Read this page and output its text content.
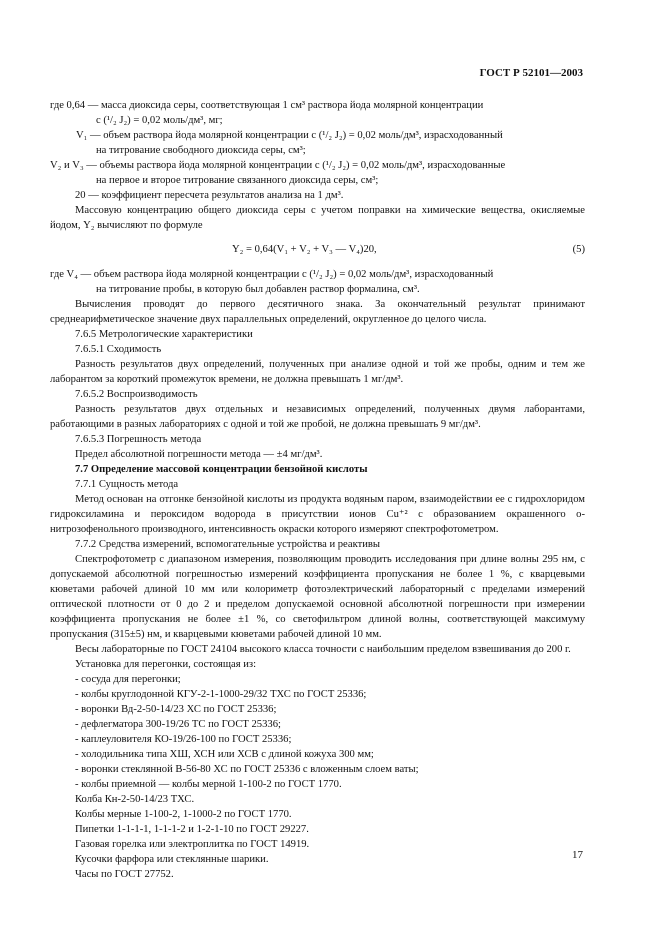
ГОСТ Р 52101—2003

где 0,64 — масса диоксида серы, соответствующая 1 см³ раствора йода молярной концентрации

c (¹/₂ J₂) = 0,02 моль/дм³, мг;

V₁ — объем раствора йода молярной концентрации c (¹/₂ J₂) = 0,02 моль/дм³, израсходованный

на титрование свободного диоксида серы, см³;

V₂ и V₃ — объемы раствора йода молярной концентрации c (¹/₂ J₂) = 0,02 моль/дм³, израсходованные

на первое и второе титрование связанного диоксида серы, см³;

20 — коэффициент пересчета результатов анализа на 1 дм³.

Массовую концентрацию общего диоксида серы с учетом поправки на химические вещества, окисляемые йодом, Y₂ вычисляют по формуле

Y₂ = 0,64(V₁ + V₂ + V₃ — V₄)20,	(5)

где V₄ — объем раствора йода молярной концентрации c (¹/₂ J₂) = 0,02 моль/дм³, израсходованный

на титрование пробы, в которую был добавлен раствор формалина, см³.

Вычисления проводят до первого десятичного знака. За окончательный результат принимают среднеарифметическое значение двух параллельных определений, округленное до целого числа.

7.6.5 Метрологические характеристики

7.6.5.1 Сходимость

Разность результатов двух определений, полученных при анализе одной и той же пробы, одним и тем же лаборантом за короткий промежуток времени, не должна превышать 1 мг/дм³.

7.6.5.2 Воспроизводимость

Разность результатов двух отдельных и независимых определений, полученных двумя лаборантами, работающими в разных лабораториях с одной и той же пробой, не должна превышать 9 мг/дм³.

7.6.5.3 Погрешность метода

Предел абсолютной погрешности метода — ±4 мг/дм³.

7.7 Определение массовой концентрации бензойной кислоты

7.7.1 Сущность метода

Метод основан на отгонке бензойной кислоты из продукта водяным паром, взаимодействии ее с гидрохлоридом гидроксиламина и пероксидом водорода в присутствии ионов Cu⁺² с образованием окрашенного o-нитрозофенольного производного, интенсивность окраски которого измеряют спектрофотометром.

7.7.2 Средства измерений, вспомогательные устройства и реактивы

Спектрофотометр с диапазоном измерения, позволяющим проводить исследования при длине волны 295 нм, с допускаемой абсолютной погрешностью измерений коэффициента пропускания не более 1 %, с кварцевыми кюветами рабочей длиной 10 мм или колориметр фотоэлектрический лабораторный с пределами измерений оптической плотности от 0 до 2 и пределом допускаемой основной абсолютной погрешности при измерении коэффициента пропускания не более ±1 %, со светофильтром длиной волны, соответствующей максимуму пропускания (315±5) нм, и кварцевыми кюветами рабочей длиной 10 мм.

Весы лабораторные по ГОСТ 24104 высокого класса точности с наибольшим пределом взвешивания до 200 г.

Установка для перегонки, состоящая из:

- сосуда для перегонки;
- колбы круглодонной КГУ-2-1-1000-29/32 ТХС по ГОСТ 25336;
- воронки Вд-2-50-14/23 ХС по ГОСТ 25336;
- дефлегматора 300-19/26 ТС по ГОСТ 25336;
- каплеуловителя КО-19/26-100 по ГОСТ 25336;
- холодильника типа ХШ, ХСН или ХСВ с длиной кожуха 300 мм;
- воронки стеклянной В-56-80 ХС по ГОСТ 25336 с вложенным слоем ваты;
- колбы приемной — колбы мерной 1-100-2 по ГОСТ 1770.
Колба Кн-2-50-14/23 ТХС.
Колбы мерные 1-100-2, 1-1000-2 по ГОСТ 1770.
Пипетки 1-1-1-1, 1-1-1-2 и 1-2-1-10 по ГОСТ 29227.
Газовая горелка или электроплитка по ГОСТ 14919.
Кусочки фарфора или стеклянные шарики.
Часы по ГОСТ 27752.
17
